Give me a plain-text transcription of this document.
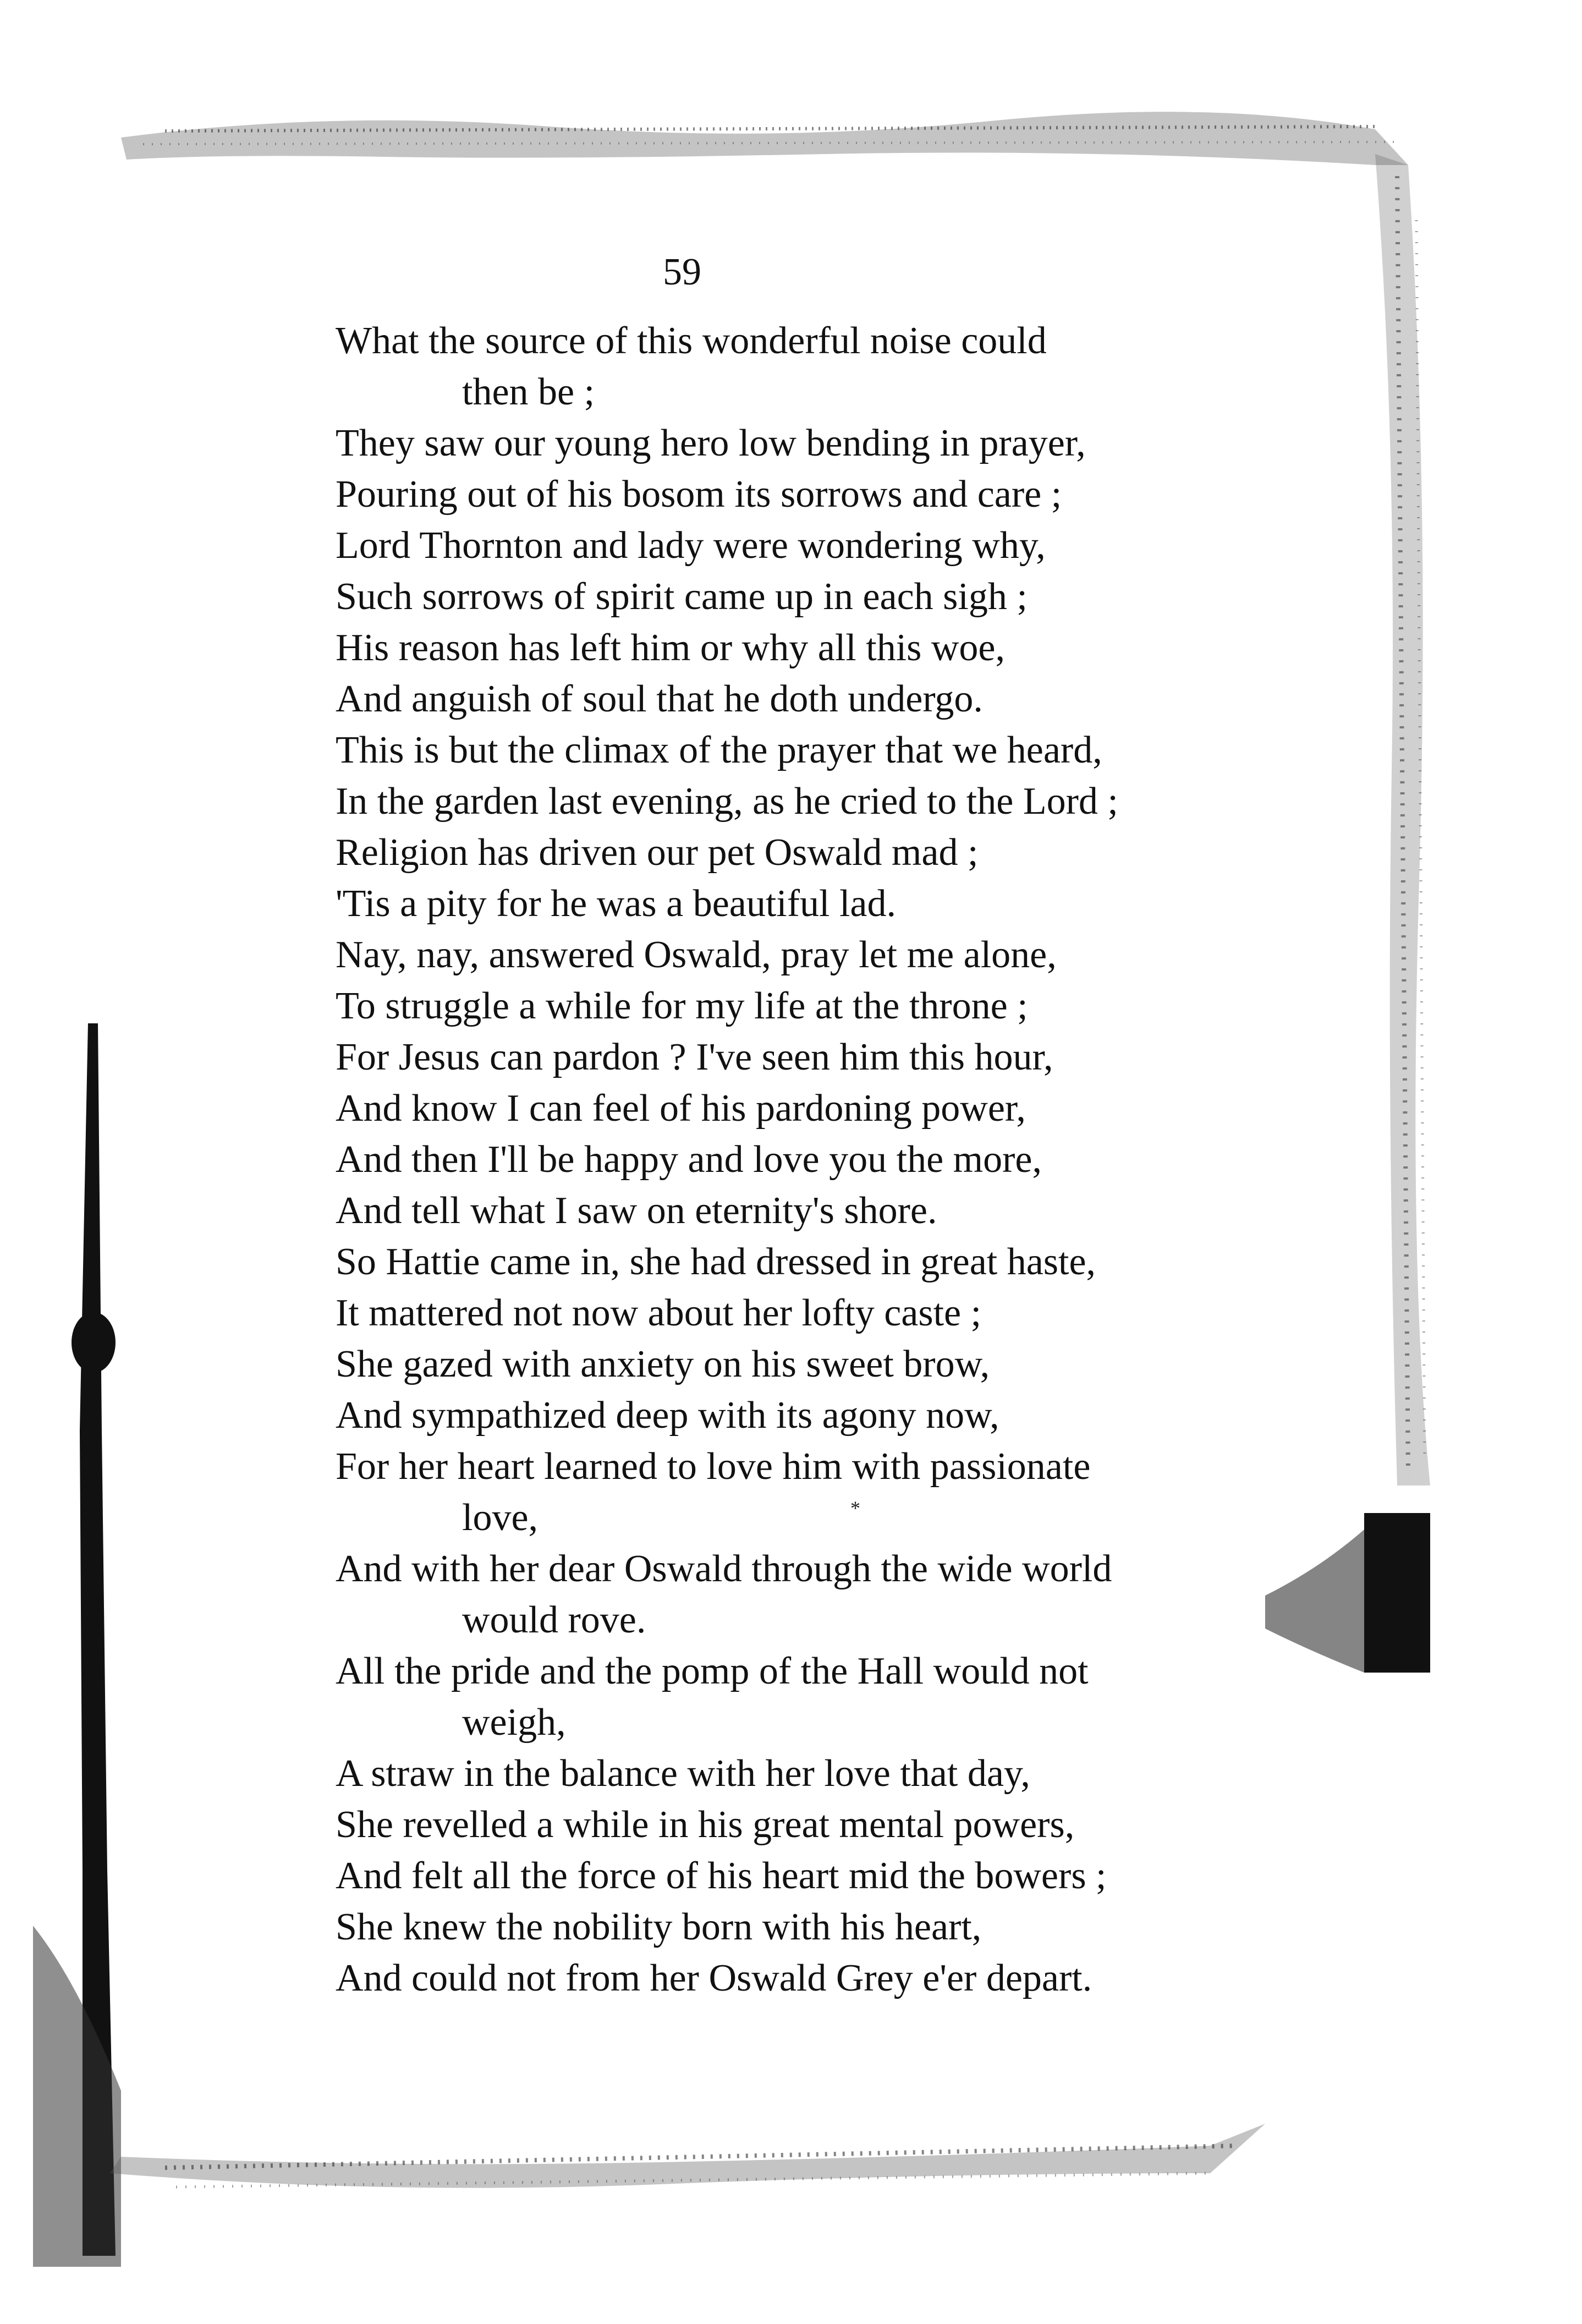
59
What the source of this wonderful noise could
then be ;
They saw our young hero low bending in prayer,
Pouring out of his bosom its sorrows and care ;
Lord Thornton and lady were wondering why,
Such sorrows of spirit came up in each sigh ;
His reason has left him or why all this woe,
And anguish of soul that he doth undergo.
This is but the climax of the prayer that we heard,
In the garden last evening, as he cried to the Lord ;
Religion has driven our pet Oswald mad ;
'Tis a pity for he was a beautiful lad.
Nay, nay, answered Oswald, pray let me alone,
To struggle a while for my life at the throne ;
For Jesus can pardon ? I've seen him this hour,
And know I can feel of his pardoning power,
And then I'll be happy and love you the more,
And tell what I saw on eternity's shore.
So Hattie came in, she had dressed in great haste,
It mattered not now about her lofty caste ;
She gazed with anxiety on his sweet brow,
And sympathized deep with its agony now,
For her heart learned to love him with passionate
love,
And with her dear Oswald through the wide world
would rove.
All the pride and the pomp of the Hall would not
weigh,
A straw in the balance with her love that day,
She revelled a while in his great mental powers,
And felt all the force of his heart mid the bowers ;
She knew the nobility born with his heart,
And could not from her Oswald Grey e'er depart.
*
